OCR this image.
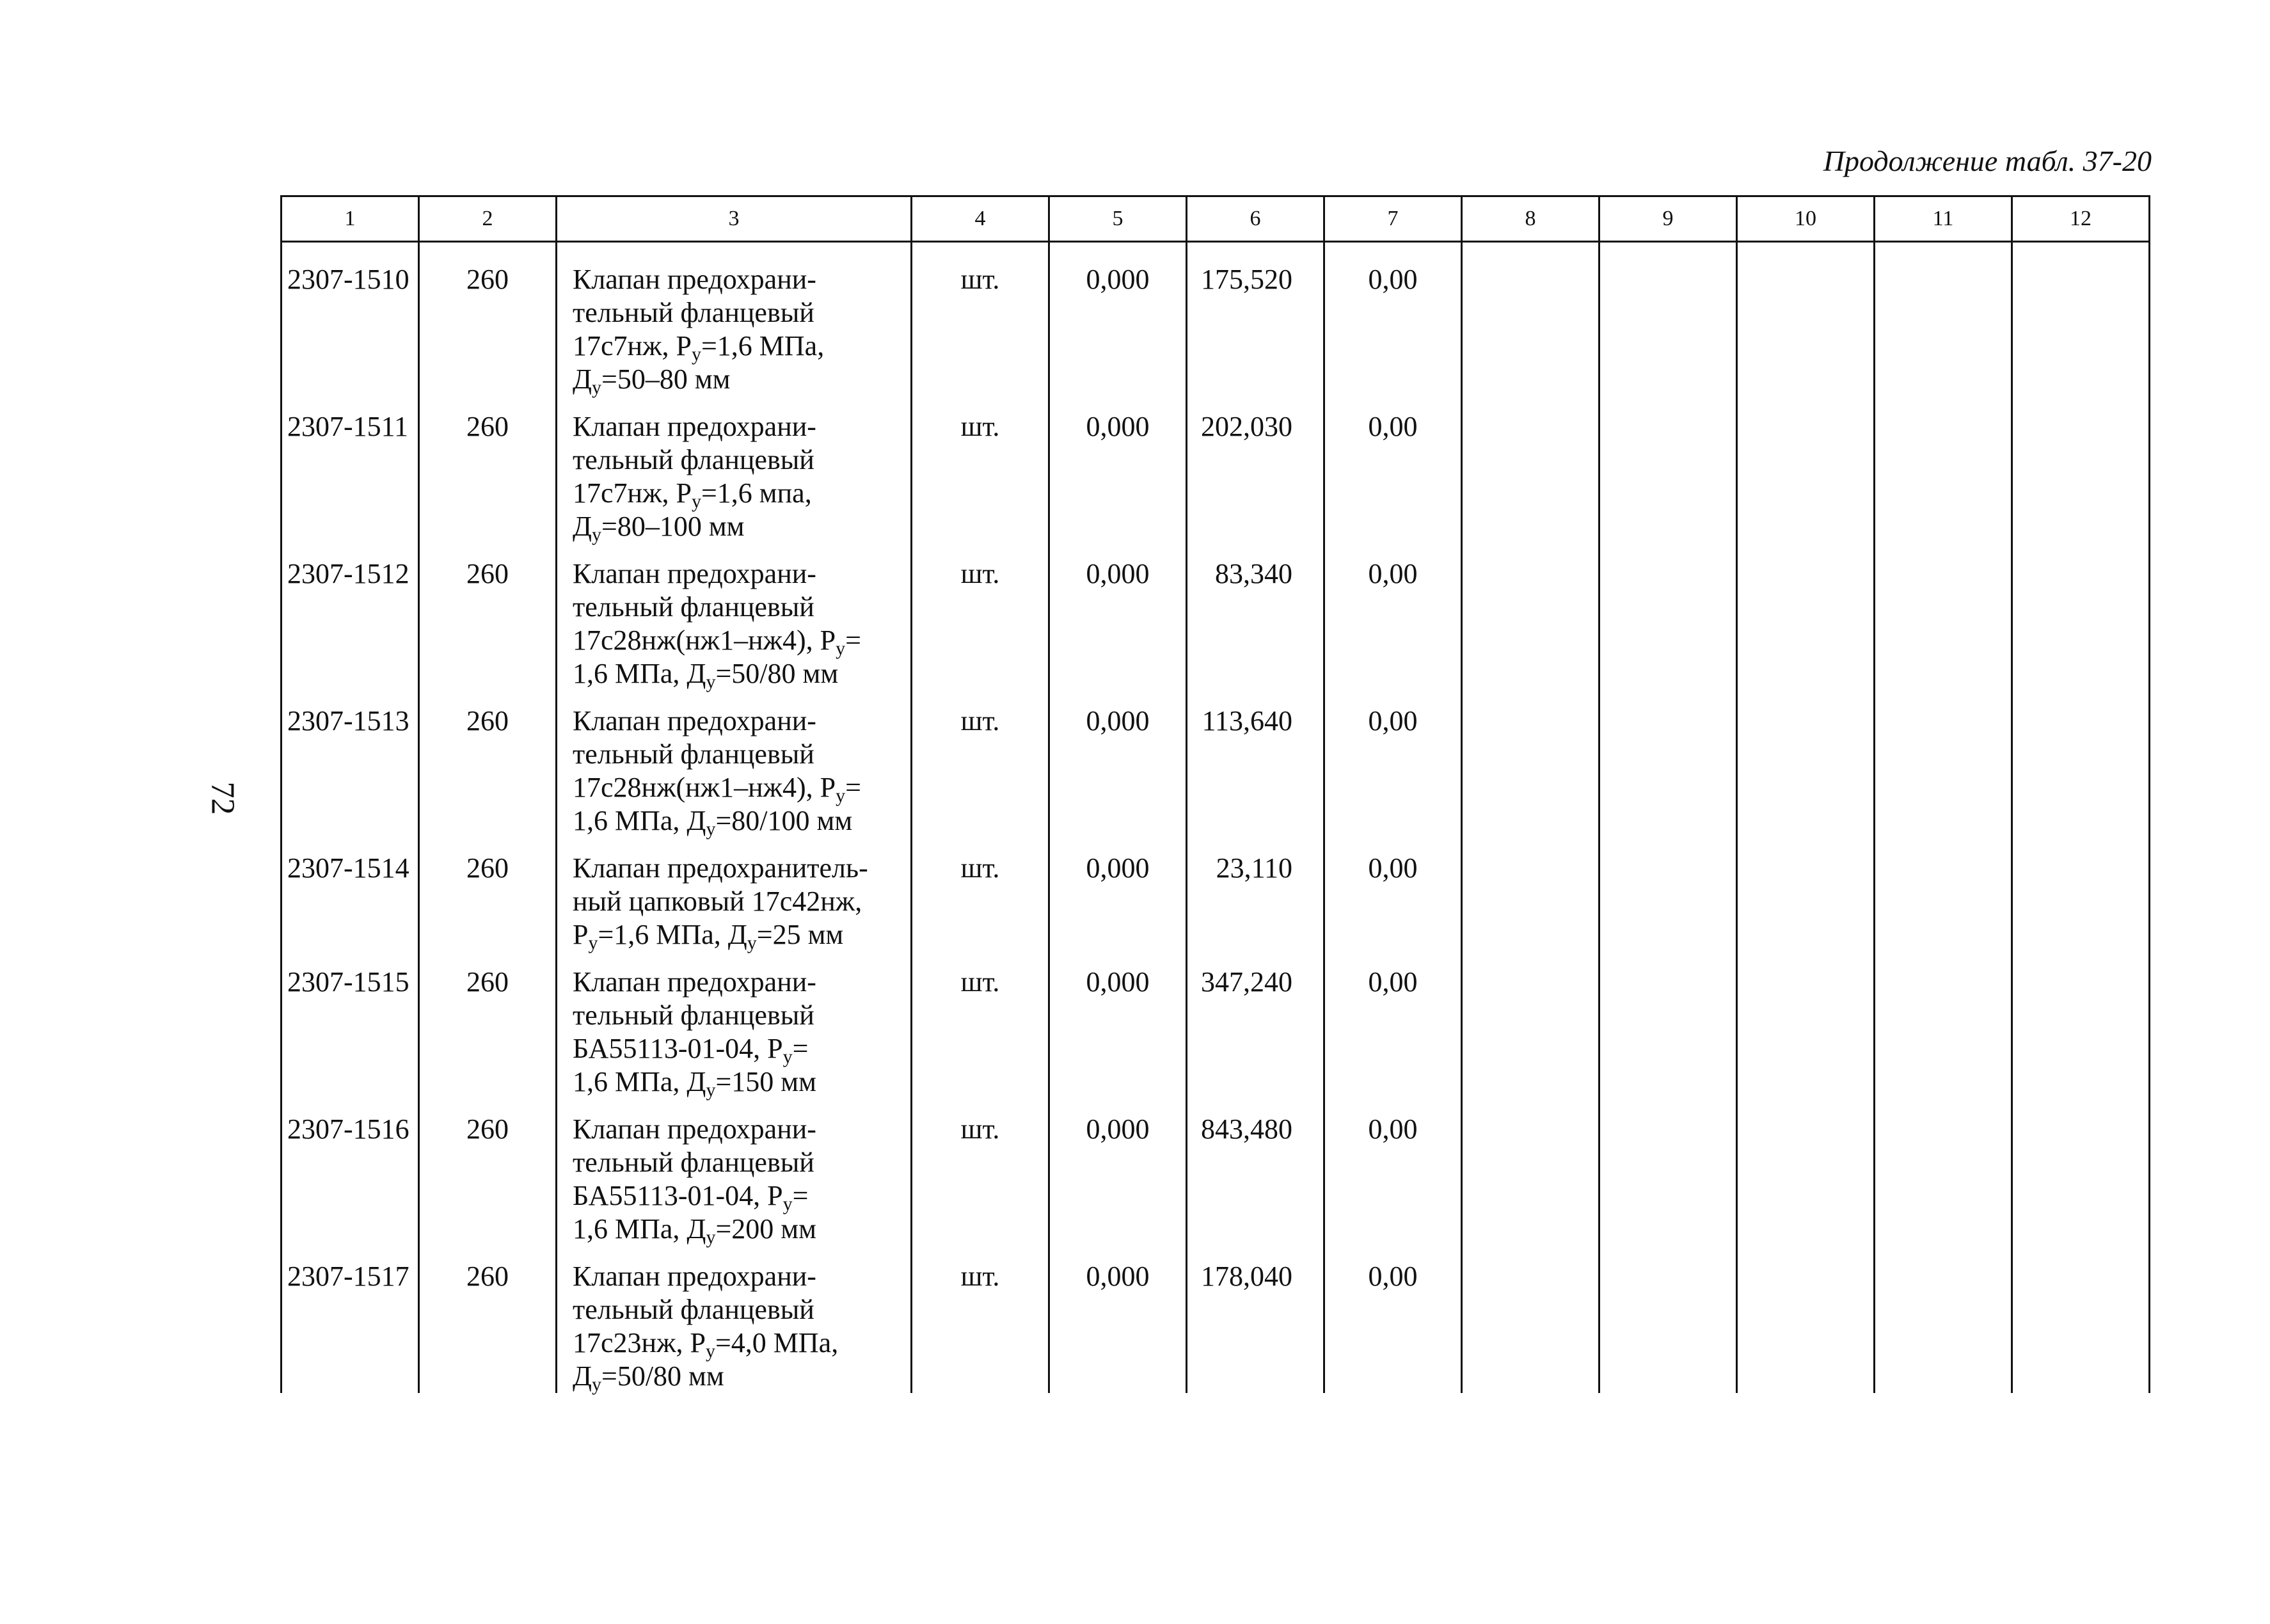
Продолжение табл. 37-20
72
1	2	3	4	5	6	7	8	9	10	11	12
2307-1510	260	Клапан предохрани-
тельный фланцевый
17с7нж, $Р_у=1,6$ МПа,
$Д_у=50-80$ мм	шт.	0,000	175,520	0,00					
2307-1511	260	Клапан предохрани-
тельный фланцевый
17с7нж, $Р_у=1,6$ мпа,
$Д_у=80-100$ мм	шт.	0,000	202,030	0,00					
2307-1512	260	Клапан предохрани-
тельный фланцевый
17с28нж(нж1–нж4), $Р_у=$
1,6 МПа, $Д_у=50/80$ мм	шт.	0,000	83,340	0,00					
2307-1513	260	Клапан предохрани-
тельный фланцевый
17с28нж(нж1–нж4), $Р_у=$
1,6 МПа, $Д_у=80/100$ мм	шт.	0,000	113,640	0,00					
2307-1514	260	Клапан предохранитель-
ный цапковый 17с42нж,
$Р_у=1,6$ МПа, $Д_у=25$ мм	шт.	0,000	23,110	0,00					
2307-1515	260	Клапан предохрани-
тельный фланцевый
БА55113-01-04, $Р_у=$
1,6 МПа, $Д_у=150$ мм	шт.	0,000	347,240	0,00					
2307-1516	260	Клапан предохрани-
тельный фланцевый
БА55113-01-04, $Р_у=$
1,6 МПа, $Д_у=200$ мм	шт.	0,000	843,480	0,00					
2307-1517	260	Клапан предохрани-
тельный фланцевый
17с23нж, $Р_у=4,0$ МПа,
$Д_у=50/80$ мм	шт.	0,000	178,040	0,00					
